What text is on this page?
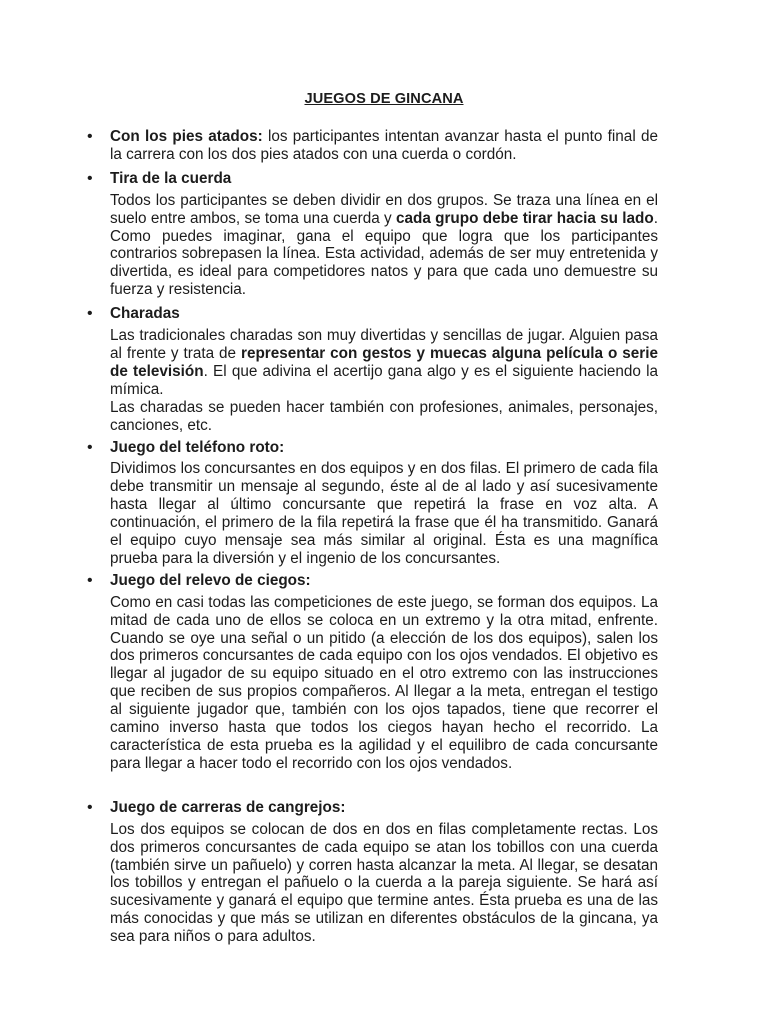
JUEGOS DE GINCANA
• Con los pies atados: los participantes intentan avanzar hasta el punto final de la carrera con los dos pies atados con una cuerda o cordón.

• Tira de la cuerda

Todos los participantes se deben dividir en dos grupos. Se traza una línea en el suelo entre ambos, se toma una cuerda y cada grupo debe tirar hacia su lado. Como puedes imaginar, gana el equipo que logra que los participantes contrarios sobrepasen la línea. Esta actividad, además de ser muy entretenida y divertida, es ideal para competidores natos y para que cada uno demuestre su fuerza y resistencia.

• Charadas

Las tradicionales charadas son muy divertidas y sencillas de jugar. Alguien pasa al frente y trata de representar con gestos y muecas alguna película o serie de televisión. El que adivina el acertijo gana algo y es el siguiente haciendo la mímica.

Las charadas se pueden hacer también con profesiones, animales, personajes, canciones, etc.

• Juego del teléfono roto:

Dividimos los concursantes en dos equipos y en dos filas. El primero de cada fila debe transmitir un mensaje al segundo, éste al de al lado y así sucesivamente hasta llegar al último concursante que repetirá la frase en voz alta. A continuación, el primero de la fila repetirá la frase que él ha transmitido. Ganará el equipo cuyo mensaje sea más similar al original. Ésta es una magnífica prueba para la diversión y el ingenio de los concursantes.

• Juego del relevo de ciegos:

Como en casi todas las competiciones de este juego, se forman dos equipos. La mitad de cada uno de ellos se coloca en un extremo y la otra mitad, enfrente. Cuando se oye una señal o un pitido (a elección de los dos equipos), salen los dos primeros concursantes de cada equipo con los ojos vendados. El objetivo es llegar al jugador de su equipo situado en el otro extremo con las instrucciones que reciben de sus propios compañeros. Al llegar a la meta, entregan el testigo al siguiente jugador que, también con los ojos tapados, tiene que recorrer el camino inverso hasta que todos los ciegos hayan hecho el recorrido. La característica de esta prueba es la agilidad y el equilibro de cada concursante para llegar a hacer todo el recorrido con los ojos vendados.

• Juego de carreras de cangrejos:

Los dos equipos se colocan de dos en dos en filas completamente rectas. Los dos primeros concursantes de cada equipo se atan los tobillos con una cuerda (también sirve un pañuelo) y corren hasta alcanzar la meta. Al llegar, se desatan los tobillos y entregan el pañuelo o la cuerda a la pareja siguiente. Se hará así sucesivamente y ganará el equipo que termine antes. Ésta prueba es una de las más conocidas y que más se utilizan en diferentes obstáculos de la gincana, ya sea para niños o para adultos.
